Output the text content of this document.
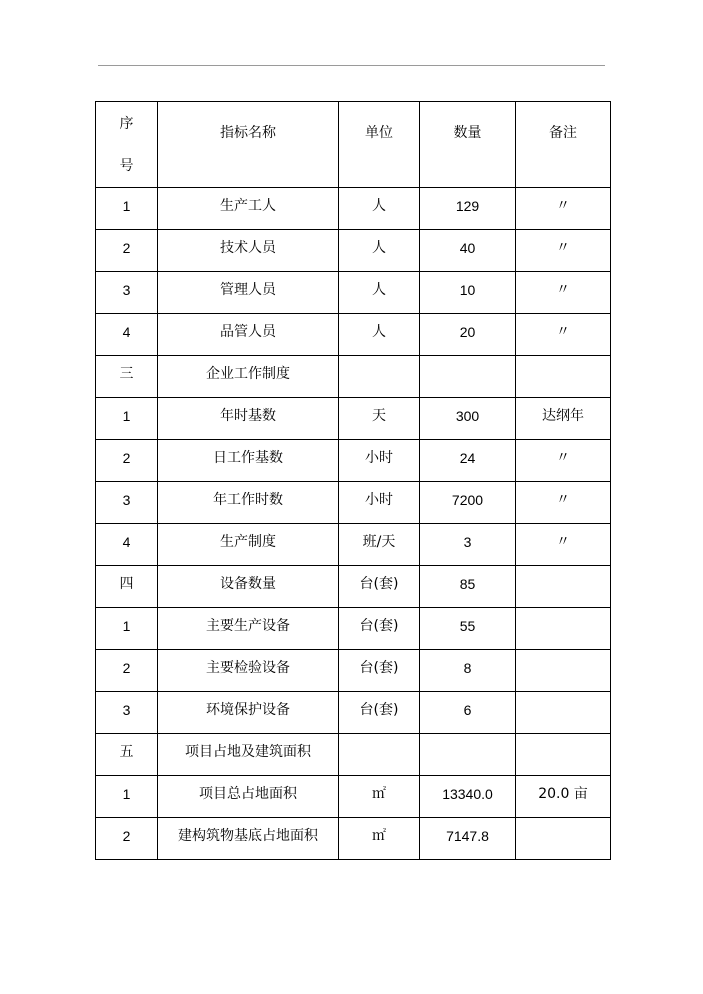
序
号	指标名称	单位	数量	备注
1	生产工人	人	129	〃
2	技术人员	人	40	〃
3	管理人员	人	10	〃
4	品管人员	人	20	〃
三	企业工作制度			
1	年时基数	天	300	达纲年
2	日工作基数	小时	24	〃
3	年工作时数	小时	7200	〃
4	生产制度	班/天	3	〃
四	设备数量	台(套)	85	
1	主要生产设备	台(套)	55	
2	主要检验设备	台(套)	8	
3	环境保护设备	台(套)	6	
五	项目占地及建筑面积			
1	项目总占地面积	㎡	13340.0	20.0 亩
2	建构筑物基底占地面积	㎡	7147.8	
